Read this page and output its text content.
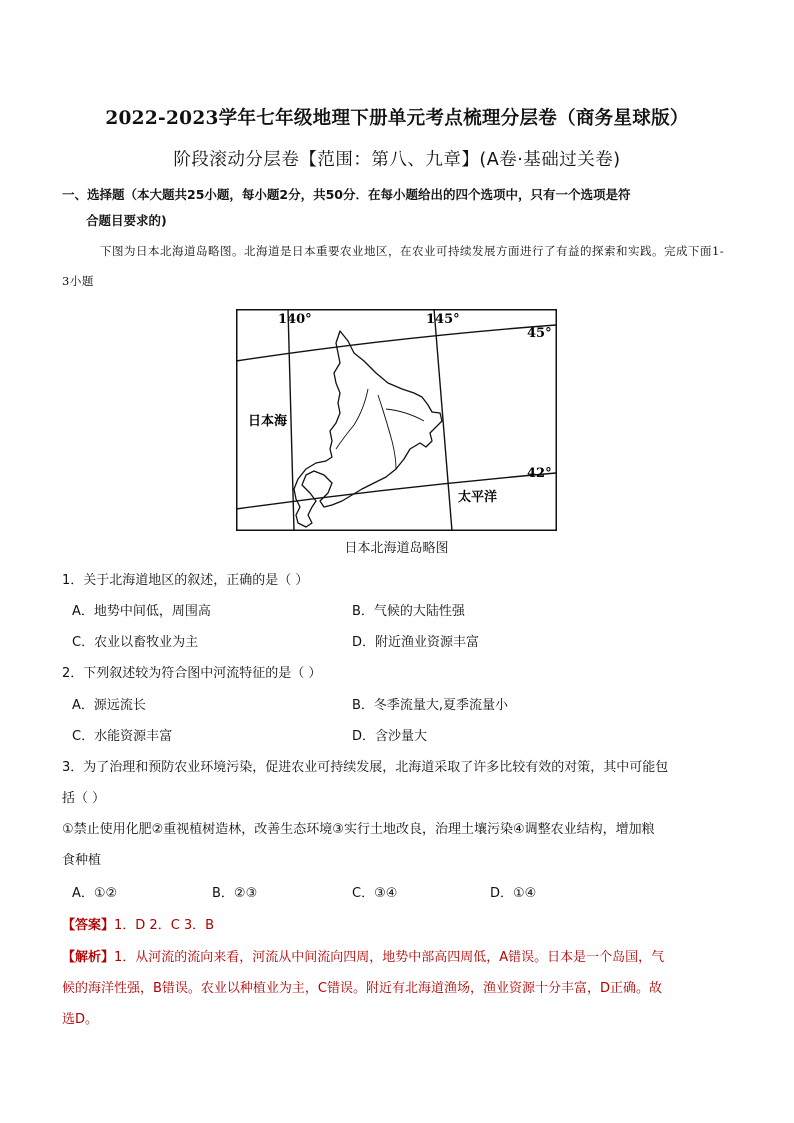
2022-2023学年七年级地理下册单元考点梳理分层卷（商务星球版）
阶段滚动分层卷【范围：第八、九章】(A卷·基础过关卷)
一、选择题（本大题共25小题，每小题2分，共50分．在每小题给出的四个选项中，只有一个选项是符
合题目要求的)
下图为日本北海道岛略图。北海道是日本重要农业地区，在农业可持续发展方面进行了有益的探索和实践。完成下面1-3小题
140°	145°
45°
42°
日本海
太平洋
日本北海道岛略图
1．关于北海道地区的叙述，正确的是（ ）
A．地势中间低，周围高	B．气候的大陆性强
C．农业以畜牧业为主	D．附近渔业资源丰富
2．下列叙述较为符合图中河流特征的是（ ）
A．源远流长	B．冬季流量大,夏季流量小
C．水能资源丰富	D．含沙量大
3．为了治理和预防农业环境污染，促进农业可持续发展，北海道采取了许多比较有效的对策，其中可能包
括（ ）
①禁止使用化肥②重视植树造林，改善生态环境③实行土地改良，治理土壤污染④调整农业结构，增加粮
食种植
A．①②	B．②③	C．③④	D．①④
【答案】1．D 2．C 3．B
【解析】1．从河流的流向来看，河流从中间流向四周，地势中部高四周低，A错误。日本是一个岛国，气
候的海洋性强，B错误。农业以种植业为主，C错误。附近有北海道渔场，渔业资源十分丰富，D正确。故
选D。
